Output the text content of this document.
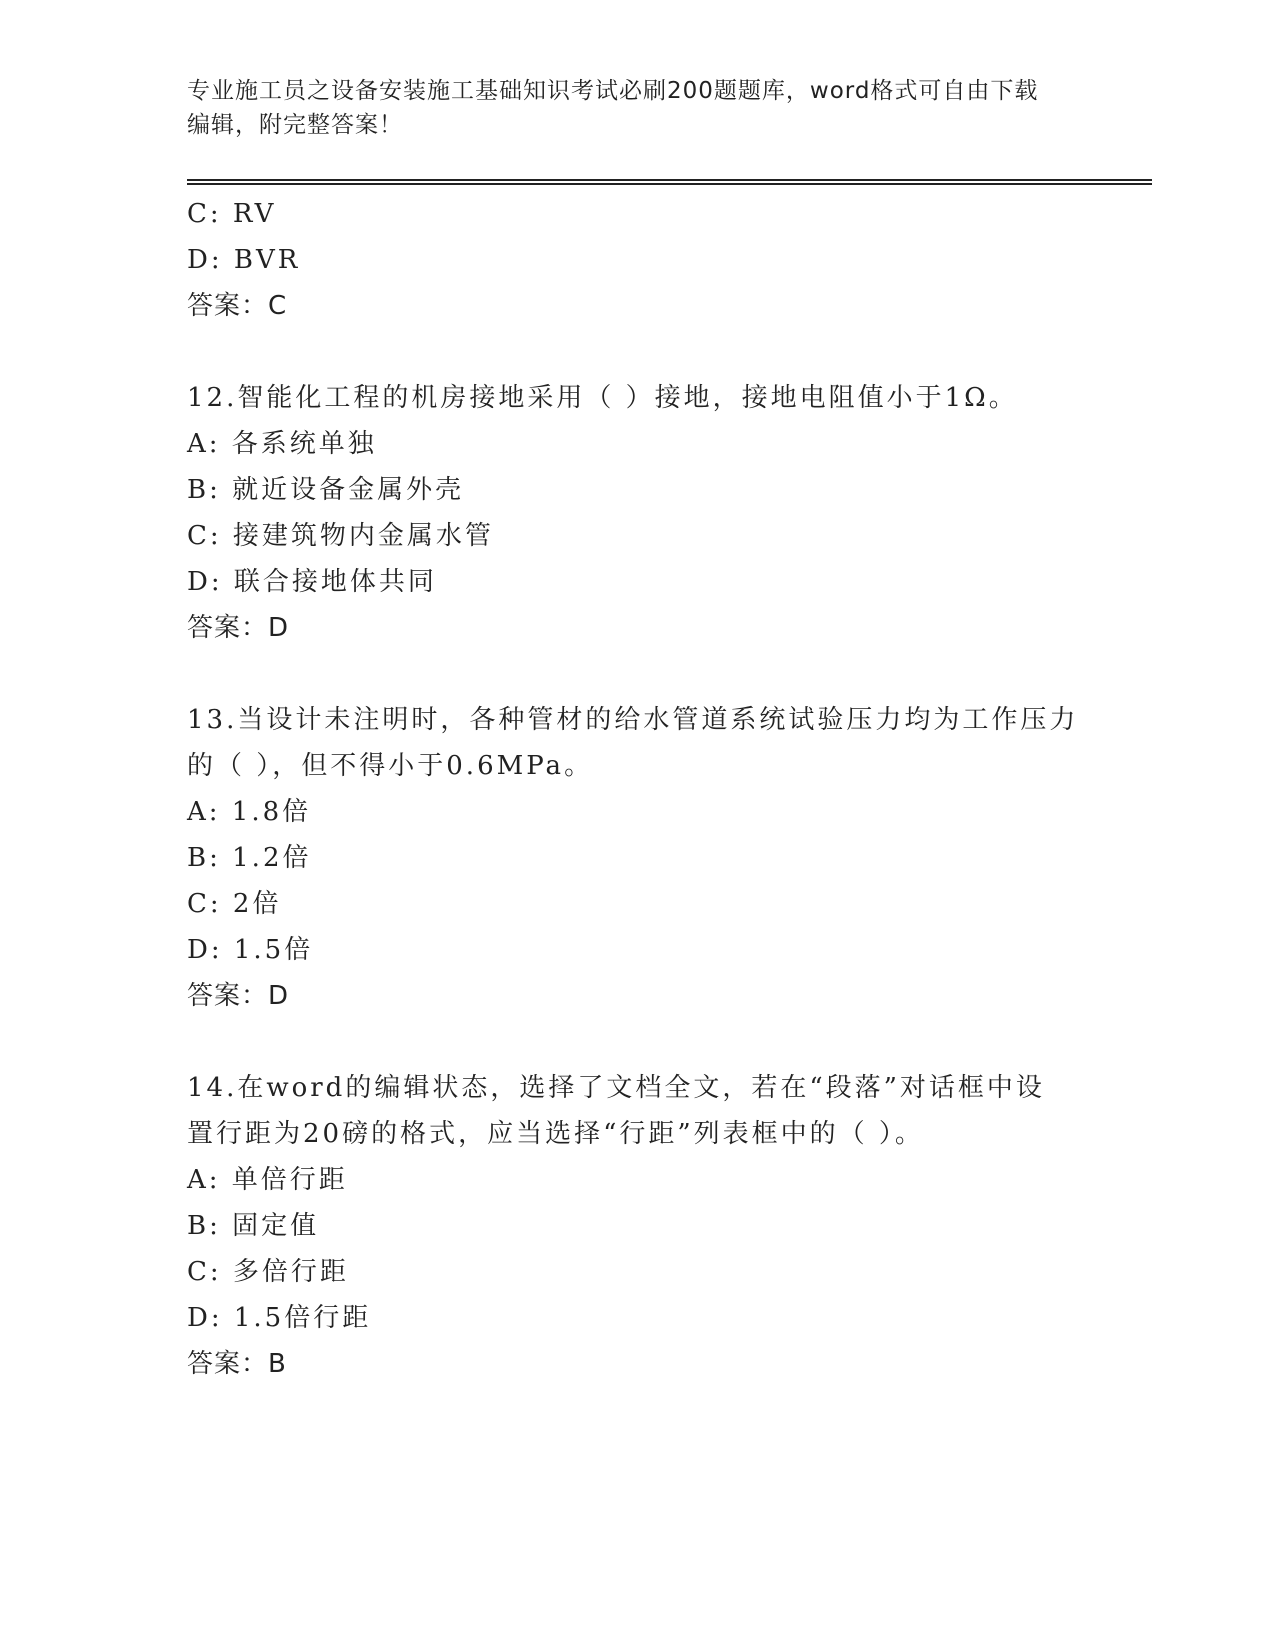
专业施工员之设备安装施工基础知识考试必刷200题题库，word格式可自由下载
编辑，附完整答案！
C: RV
D: BVR
答案：C
12.智能化工程的机房接地采用（ ）接地，接地电阻值小于1Ω。
A: 各系统单独
B: 就近设备金属外壳
C: 接建筑物内金属水管
D: 联合接地体共同
答案：D
13.当设计未注明时，各种管材的给水管道系统试验压力均为工作压力
的（ ），但不得小于0.6MPa。
A: 1.8倍
B: 1.2倍
C: 2倍
D: 1.5倍
答案：D
14.在word的编辑状态，选择了文档全文，若在“段落”对话框中设
置行距为20磅的格式，应当选择“行距”列表框中的（ ）。
A: 单倍行距
B: 固定值
C: 多倍行距
D: 1.5倍行距
答案：B
